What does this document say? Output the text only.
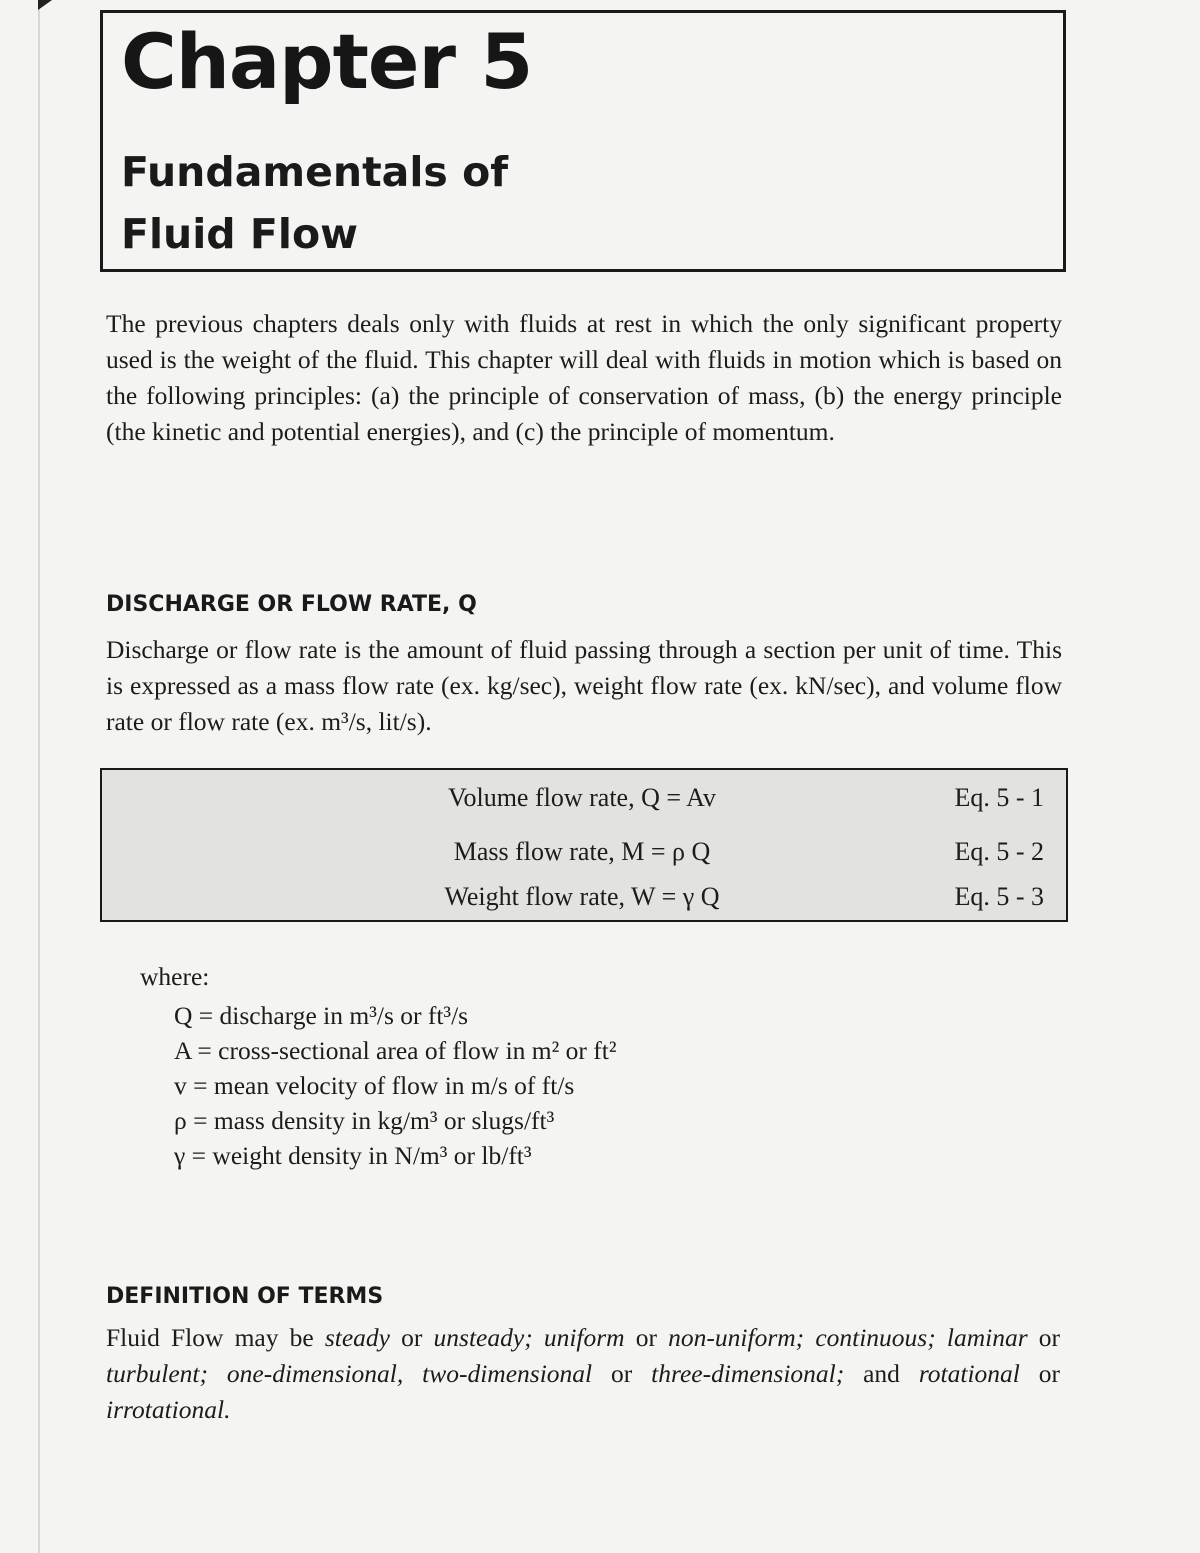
Chapter 5
Fundamentals of
Fluid Flow

The previous chapters deals only with fluids at rest in which the only significant property used is the weight of the fluid. This chapter will deal with fluids in motion which is based on the following principles: (a) the principle of conservation of mass, (b) the energy principle (the kinetic and potential energies), and (c) the principle of momentum.

DISCHARGE OR FLOW RATE, Q

Discharge or flow rate is the amount of fluid passing through a section per unit of time. This is expressed as a mass flow rate (ex. kg/sec), weight flow rate (ex. kN/sec), and volume flow rate or flow rate (ex. m³/s, lit/s).

Volume flow rate, Q = Av	Eq. 5 - 1
Mass flow rate, M = ρ Q	Eq. 5 - 2
Weight flow rate, W = γ Q	Eq. 5 - 3

where:

Q = discharge in m³/s or ft³/s
A = cross-sectional area of flow in m² or ft²
v = mean velocity of flow in m/s of ft/s
ρ = mass density in kg/m³ or slugs/ft³
γ = weight density in N/m³ or lb/ft³
DEFINITION OF TERMS

Fluid Flow may be steady or unsteady; uniform or non-uniform; continuous; laminar or turbulent; one-dimensional, two-dimensional or three-dimensional; and rotational or irrotational.
